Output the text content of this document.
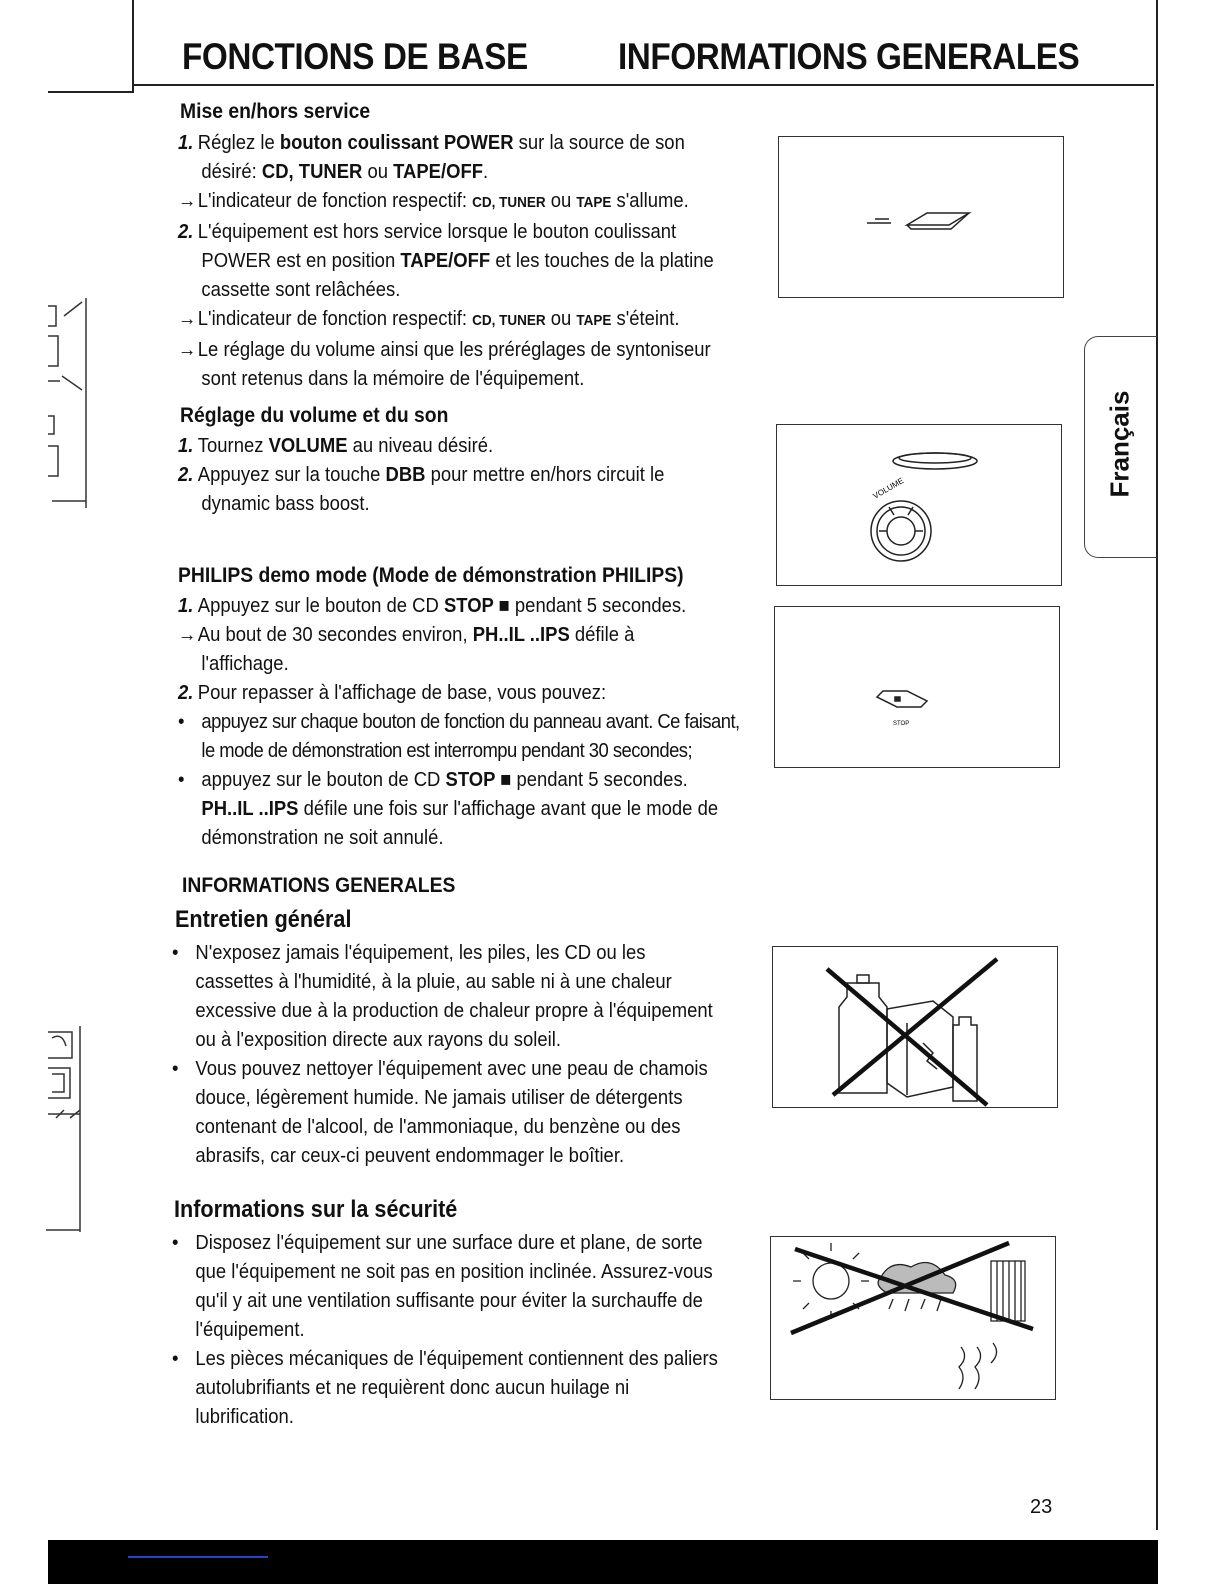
FONCTIONS DE BASE INFORMATIONS GENERALES
Français
Mise en/hors service
1. Réglez le bouton coulissant POWER sur la source de son
désiré: CD, TUNER ou TAPE/OFF.
→L'indicateur de fonction respectif: CD, TUNER ou TAPE s'allume.
2. L'équipement est hors service lorsque le bouton coulissant
POWER est en position TAPE/OFF et les touches de la platine
cassette sont relâchées.
→L'indicateur de fonction respectif: CD, TUNER ou TAPE s'éteint.
→Le réglage du volume ainsi que les préréglages de syntoniseur
sont retenus dans la mémoire de l'équipement.
Réglage du volume et du son
1. Tournez VOLUME au niveau désiré.
2. Appuyez sur la touche DBB pour mettre en/hors circuit le
dynamic bass boost.
PHILIPS demo mode (Mode de démonstration PHILIPS)
1. Appuyez sur le bouton de CD STOP ■ pendant 5 secondes.
→Au bout de 30 secondes environ, PH..IL ..IPS défile à
l'affichage.
2. Pour repasser à l'affichage de base, vous pouvez:
• appuyez sur chaque bouton de fonction du panneau avant. Ce faisant,
le mode de démonstration est interrompu pendant 30 secondes;
• appuyez sur le bouton de CD STOP ■ pendant 5 secondes.
PH..IL ..IPS défile une fois sur l'affichage avant que le mode de
démonstration ne soit annulé.
INFORMATIONS GENERALES
Entretien général
• N'exposez jamais l'équipement, les piles, les CD ou les
cassettes à l'humidité, à la pluie, au sable ni à une chaleur
excessive due à la production de chaleur propre à l'équipement
ou à l'exposition directe aux rayons du soleil.
• Vous pouvez nettoyer l'équipement avec une peau de chamois
douce, légèrement humide. Ne jamais utiliser de détergents
contenant de l'alcool, de l'ammoniaque, du benzène ou des
abrasifs, car ceux-ci peuvent endommager le boîtier.
Informations sur la sécurité
• Disposez l'équipement sur une surface dure et plane, de sorte
que l'équipement ne soit pas en position inclinée. Assurez-vous
qu'il y ait une ventilation suffisante pour éviter la surchauffe de
l'équipement.
• Les pièces mécaniques de l'équipement contiennent des paliers
autolubrifiants et ne requièrent donc aucun huilage ni
lubrification.
VOLUME
STOP
23
